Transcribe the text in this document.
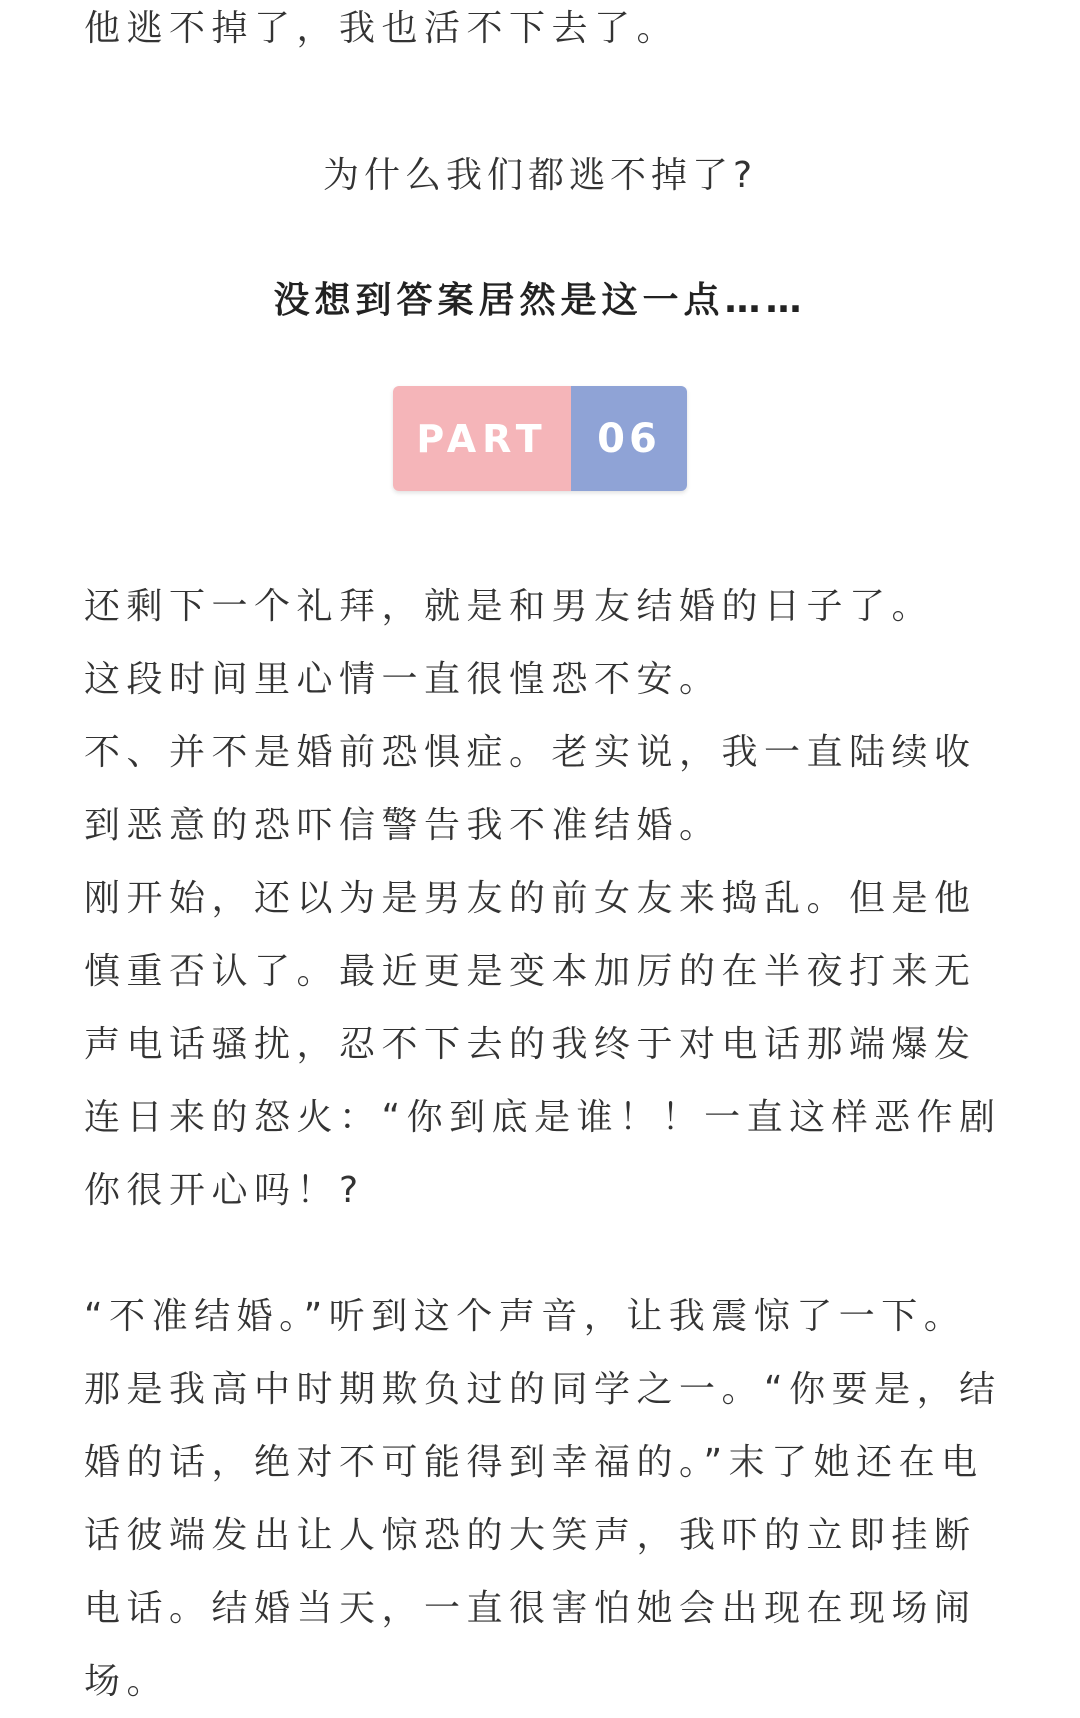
他逃不掉了，我也活不下去了。
为什么我们都逃不掉了?
没想到答案居然是这一点……
PART	06
还剩下一个礼拜，就是和男友结婚的日子了。
这段时间里心情一直很惶恐不安。
不、并不是婚前恐惧症。老实说，我一直陆续收
到恶意的恐吓信警告我不准结婚。
刚开始，还以为是男友的前女友来捣乱。但是他
慎重否认了。最近更是变本加厉的在半夜打来无
声电话骚扰，忍不下去的我终于对电话那端爆发
连日来的怒火：“你到底是谁！！一直这样恶作剧
你很开心吗！?
“不准结婚。”听到这个声音，让我震惊了一下。
那是我高中时期欺负过的同学之一。“你要是，结
婚的话，绝对不可能得到幸福的。”末了她还在电
话彼端发出让人惊恐的大笑声，我吓的立即挂断
电话。结婚当天，一直很害怕她会出现在现场闹
场。
